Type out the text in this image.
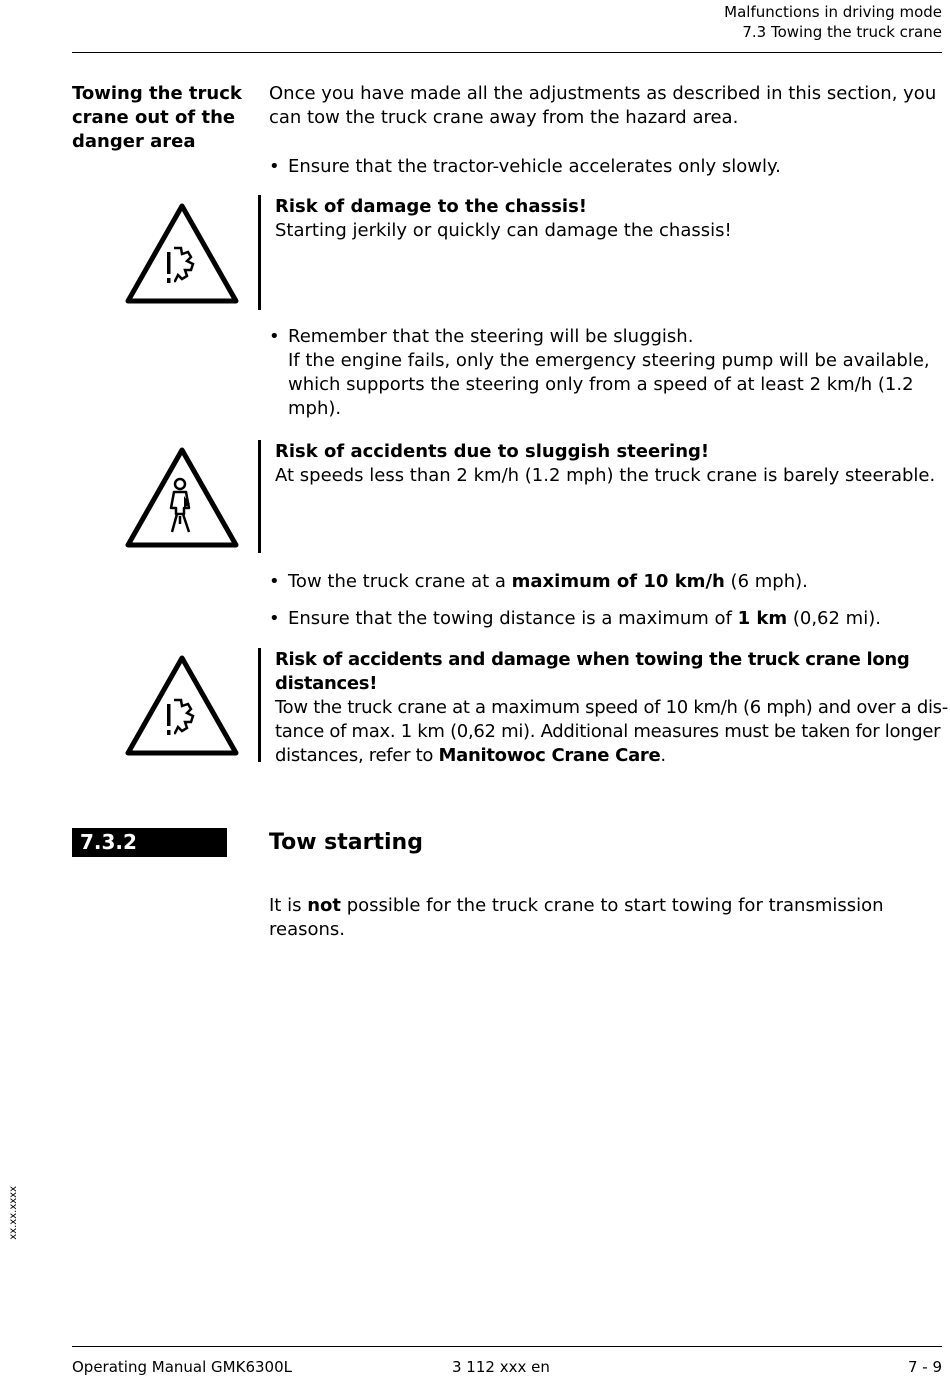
Malfunctions in driving mode
7.3 Towing the truck crane
Towing the truck crane out of the danger area
Once you have made all the adjustments as described in this section, you can tow the truck crane away from the hazard area.
• Ensure that the tractor-vehicle accelerates only slowly.
Risk of damage to the chassis!
Starting jerkily or quickly can damage the chassis!
• Remember that the steering will be sluggish.
If the engine fails, only the emergency steering pump will be available, which supports the steering only from a speed of at least 2 km/h (1.2 mph).
Risk of accidents due to sluggish steering!
At speeds less than 2 km/h (1.2 mph) the truck crane is barely steerable.
• Tow the truck crane at a maximum of 10 km/h (6 mph).
• Ensure that the towing distance is a maximum of 1 km (0,62 mi).
Risk of accidents and damage when towing the truck crane long distances!
Tow the truck crane at a maximum speed of 10 km/h (6 mph) and over a dis-tance of max. 1 km (0,62 mi). Additional measures must be taken for longer distances, refer to Manitowoc Crane Care.
7.3.2	Tow starting
It is not possible for the truck crane to start towing for transmission reasons.
xx.xx.xxxx
Operating Manual GMK6300L	3 112 xxx en	7 - 9
